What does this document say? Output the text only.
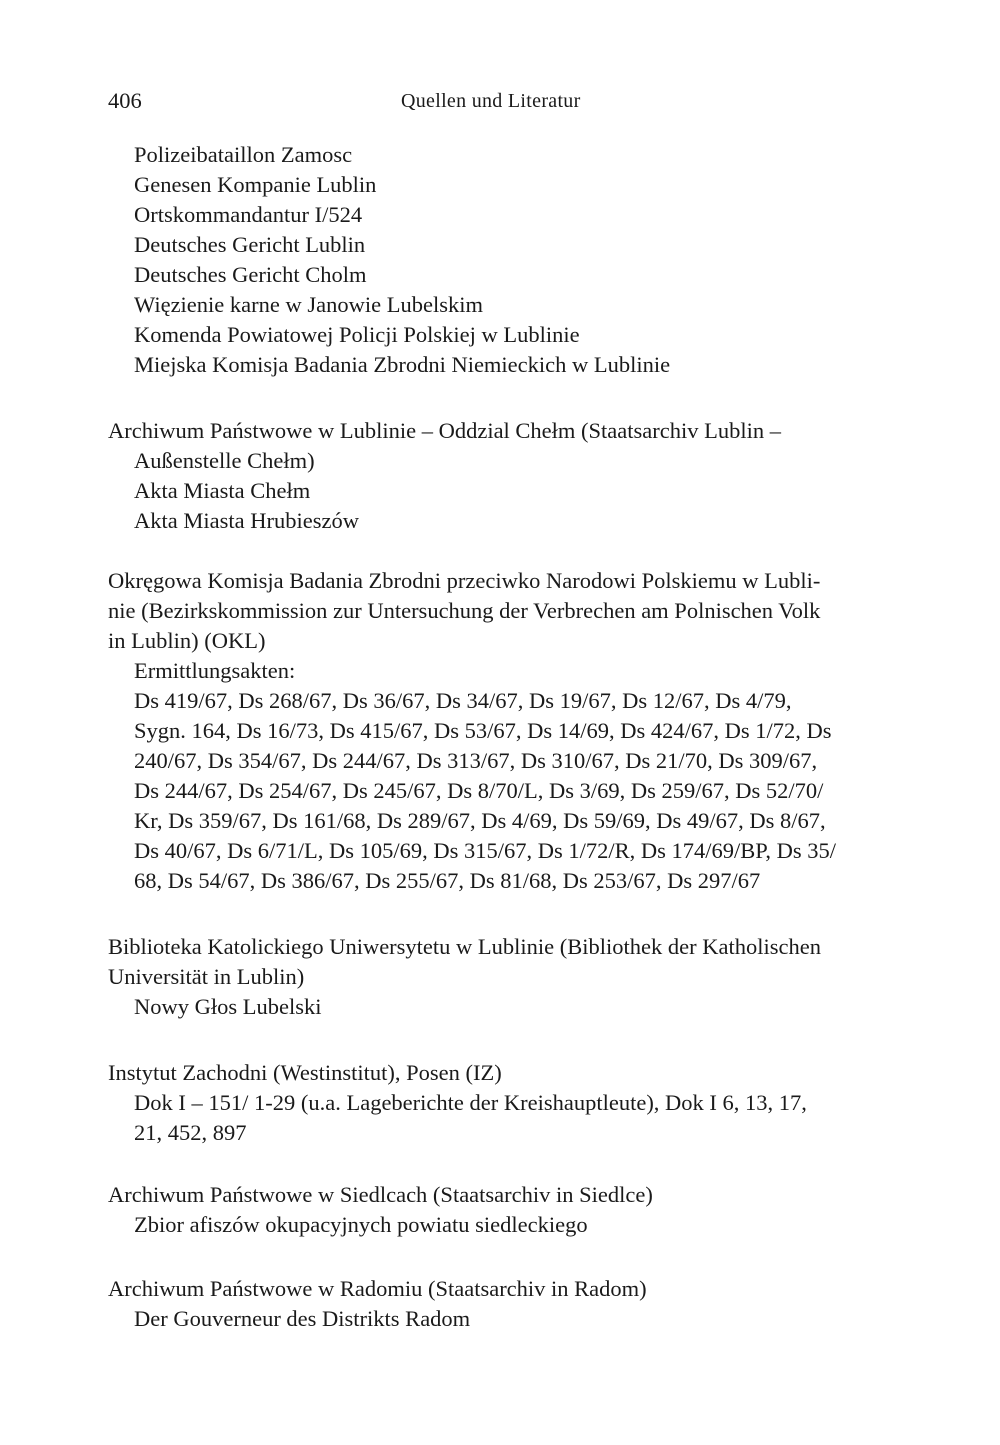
406	Quellen und Literatur
Polizeibataillon Zamosc
Genesen Kompanie Lublin
Ortskommandantur I/524
Deutsches Gericht Lublin
Deutsches Gericht Cholm
Więzienie karne w Janowie Lubelskim
Komenda Powiatowej Policji Polskiej w Lublinie
Miejska Komisja Badania Zbrodni Niemieckich w Lublinie
Archiwum Państwowe w Lublinie – Oddzial Chełm (Staatsarchiv Lublin –
Außenstelle Chełm)
Akta Miasta Chełm
Akta Miasta Hrubieszów
Okręgowa Komisja Badania Zbrodni przeciwko Narodowi Polskiemu w Lubli-
nie (Bezirkskommission zur Untersuchung der Verbrechen am Polnischen Volk
in Lublin) (OKL)
Ermittlungsakten:
Ds 419/67, Ds 268/67, Ds 36/67, Ds 34/67, Ds 19/67, Ds 12/67, Ds 4/79,
Sygn. 164, Ds 16/73, Ds 415/67, Ds 53/67, Ds 14/69, Ds 424/67, Ds 1/72, Ds
240/67, Ds 354/67, Ds 244/67, Ds 313/67, Ds 310/67, Ds 21/70, Ds 309/67,
Ds 244/67, Ds 254/67, Ds 245/67, Ds 8/70/L, Ds 3/69, Ds 259/67, Ds 52/70/
Kr, Ds 359/67, Ds 161/68, Ds 289/67, Ds 4/69, Ds 59/69, Ds 49/67, Ds 8/67,
Ds 40/67, Ds 6/71/L, Ds 105/69, Ds 315/67, Ds 1/72/R, Ds 174/69/BP, Ds 35/
68, Ds 54/67, Ds 386/67, Ds 255/67, Ds 81/68, Ds 253/67, Ds 297/67
Biblioteka Katolickiego Uniwersytetu w Lublinie (Bibliothek der Katholischen
Universität in Lublin)
Nowy Głos Lubelski
Instytut Zachodni (Westinstitut), Posen (IZ)
Dok I – 151/ 1-29 (u.a. Lageberichte der Kreishauptleute), Dok I 6, 13, 17,
21, 452, 897
Archiwum Państwowe w Siedlcach (Staatsarchiv in Siedlce)
Zbior afiszów okupacyjnych powiatu siedleckiego
Archiwum Państwowe w Radomiu (Staatsarchiv in Radom)
Der Gouverneur des Distrikts Radom
